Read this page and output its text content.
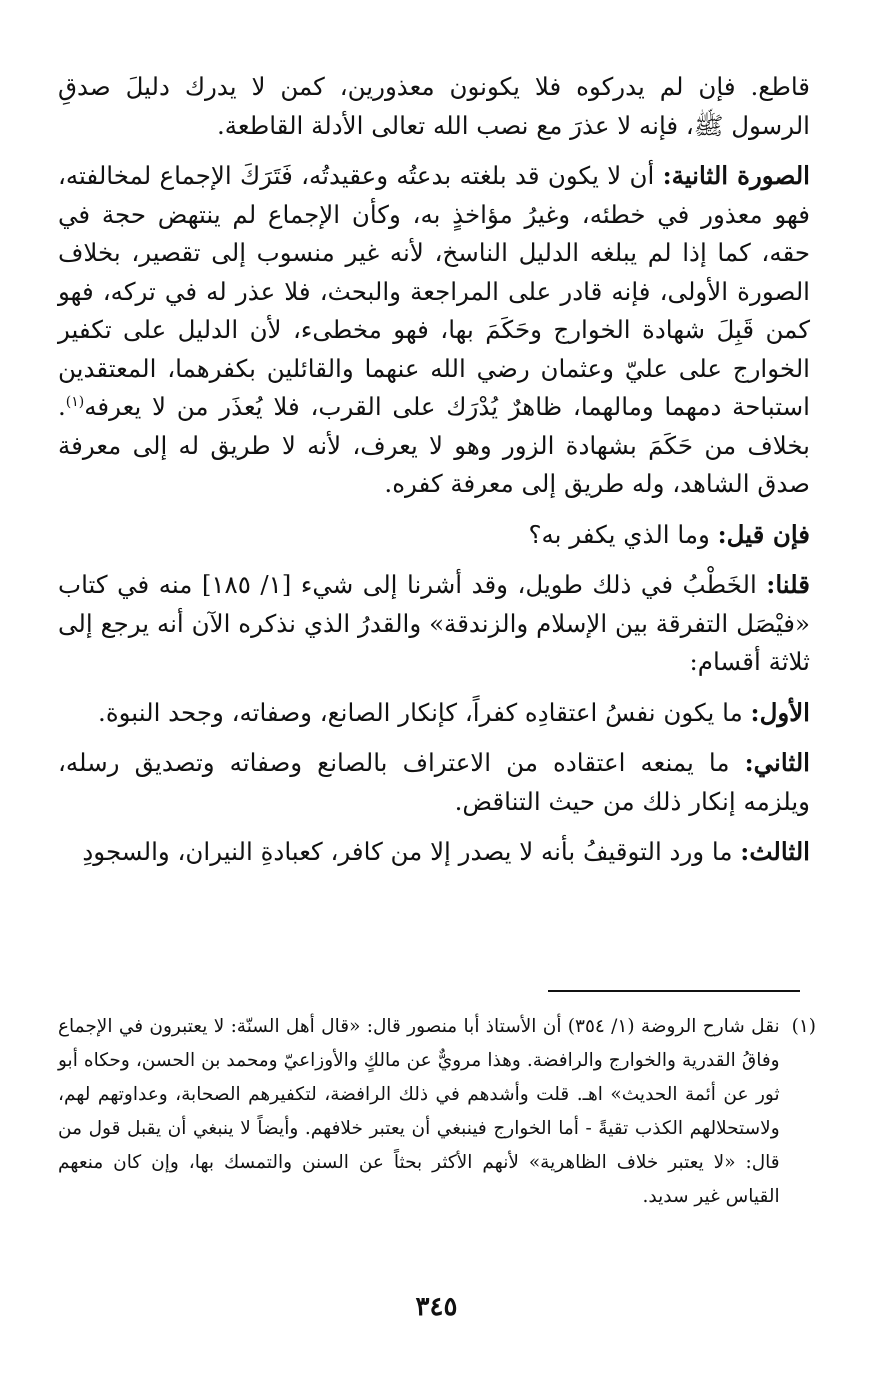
قاطع. فإن لم يدركوه فلا يكونون معذورين، كمن لا يدرك دليلَ صدقِ الرسول ﷺ، فإنه لا عذرَ مع نصب الله تعالى الأدلة القاطعة.

الصورة الثانية: أن لا يكون قد بلغته بدعتُه وعقيدتُه، فَتَرَكَ الإجماع لمخالفته، فهو معذور في خطئه، وغيرُ مؤاخذٍ به، وكأن الإجماع لم ينتهض حجة في حقه، كما إذا لم يبلغه الدليل الناسخ، لأنه غير منسوب إلى تقصير، بخلاف الصورة الأولى، فإنه قادر على المراجعة والبحث، فلا عذر له في تركه، فهو كمن قَبِلَ شهادة الخوارج وحَكَمَ بها، فهو مخطىء، لأن الدليل على تكفير الخوارج على عليّ وعثمان رضي الله عنهما والقائلين بكفرهما، المعتقدين استباحة دمهما ومالهما، ظاهرٌ يُدْرَك على القرب، فلا يُعذَر من لا يعرفه$^{(١)}$. بخلاف من حَكَمَ بشهادة الزور وهو لا يعرف، لأنه لا طريق له إلى معرفة صدق الشاهد، وله طريق إلى معرفة كفره.

فإن قيل: وما الذي يكفر به؟

قلنا: الخَطْبُ في ذلك طويل، وقد أشرنا إلى شيء [١/ ١٨٥] منه في كتاب «فيْصَل التفرقة بين الإسلام والزندقة» والقدرُ الذي نذكره الآن أنه يرجع إلى ثلاثة أقسام:

الأول: ما يكون نفسُ اعتقادِه كفراً، كإنكار الصانع، وصفاته، وجحد النبوة.

الثاني: ما يمنعه اعتقاده من الاعتراف بالصانع وصفاته وتصديق رسله، ويلزمه إنكار ذلك من حيث التناقض.

الثالث: ما ورد التوقيفُ بأنه لا يصدر إلا من كافر، كعبادةِ النيران، والسجودِ

(١)
نقل شارح الروضة (١/ ٣٥٤) أن الأستاذ أبا منصور قال: «قال أهل السنّة: لا يعتبرون في الإجماع وفاقُ القدرية والخوارج والرافضة. وهذا مرويٌّ عن مالكٍ والأوزاعيّ ومحمد بن الحسن، وحكاه أبو ثور عن أئمة الحديث» اهـ. قلت وأشدهم في ذلك الرافضة، لتكفيرهم الصحابة، وعداوتهم لهم، ولاستحلالهم الكذب تقيةً - أما الخوارج فينبغي أن يعتبر خلافهم. وأيضاً لا ينبغي أن يقبل قول من قال: «لا يعتبر خلاف الظاهرية» لأنهم الأكثر بحثاً عن السنن والتمسك بها، وإن كان منعهم القياس غير سديد.
٣٤٥
